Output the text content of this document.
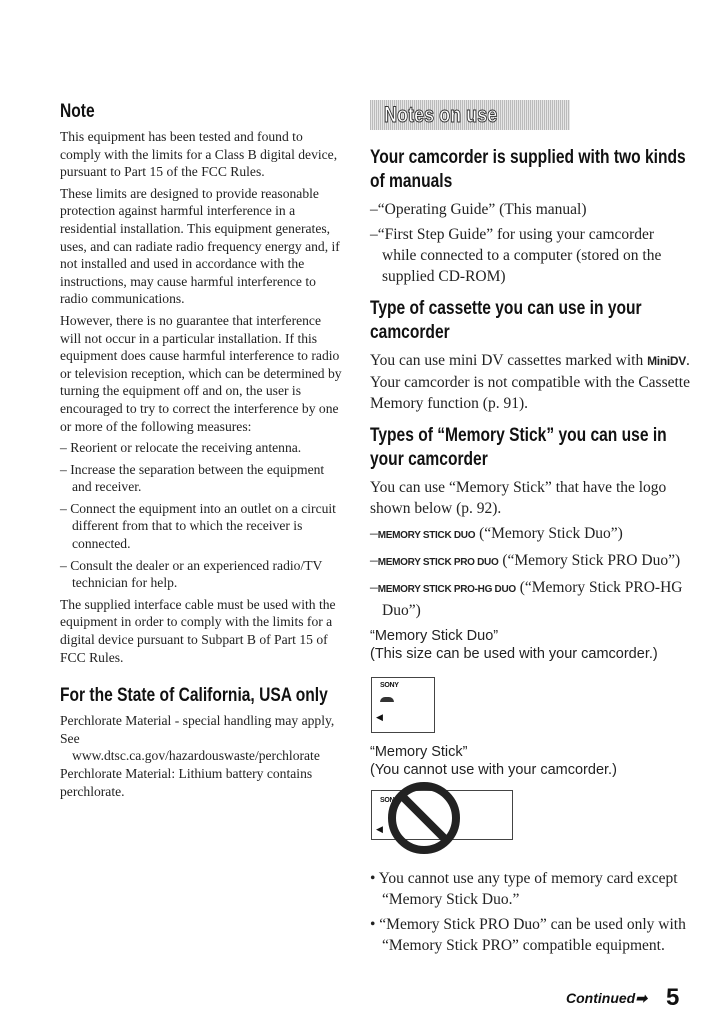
Note

This equipment has been tested and found to comply with the limits for a Class B digital device, pursuant to Part 15 of the FCC Rules.

These limits are designed to provide reasonable protection against harmful interference in a residential installation. This equipment generates, uses, and can radiate radio frequency energy and, if not installed and used in accordance with the instructions, may cause harmful interference to radio communications.

However, there is no guarantee that interference will not occur in a particular installation. If this equipment does cause harmful interference to radio or television reception, which can be determined by turning the equipment off and on, the user is encouraged to try to correct the interference by one or more of the following measures:

– Reorient or relocate the receiving antenna.
– Increase the separation between the equipment and receiver.
– Connect the equipment into an outlet on a circuit different from that to which the receiver is connected.
– Consult the dealer or an experienced radio/TV technician for help.

The supplied interface cable must be used with the equipment in order to comply with the limits for a digital device pursuant to Subpart B of Part 15 of FCC Rules.

For the State of California, USA only

Perchlorate Material - special handling may apply, See

www.dtsc.ca.gov/hazardouswaste/perchlorate

Perchlorate Material: Lithium battery contains perchlorate.

Notes on use
Your camcorder is supplied with two kinds of manuals
–“Operating Guide” (This manual)
–“First Step Guide” for using your camcorder while connected to a computer (stored on the supplied CD-ROM)
Type of cassette you can use in your camcorder

You can use mini DV cassettes marked with MiniDV. Your camcorder is not compatible with the Cassette Memory function (p. 91).

Types of “Memory Stick” you can use in your camcorder

You can use “Memory Stick” that have the logo shown below (p. 92).

–MEMORY STICK DUO (“Memory Stick Duo”)
–MEMORY STICK PRO DUO (“Memory Stick PRO Duo”)
–MEMORY STICK PRO-HG DUO (“Memory Stick PRO-HG Duo”)
“Memory Stick Duo”
(This size can be used with your camcorder.)
SONY
◀
“Memory Stick”
(You cannot use with your camcorder.)
SONY
◀
• You cannot use any type of memory card except “Memory Stick Duo.”
• “Memory Stick PRO Duo” can be used only with “Memory Stick PRO” compatible equipment.
Continued➡ 5
